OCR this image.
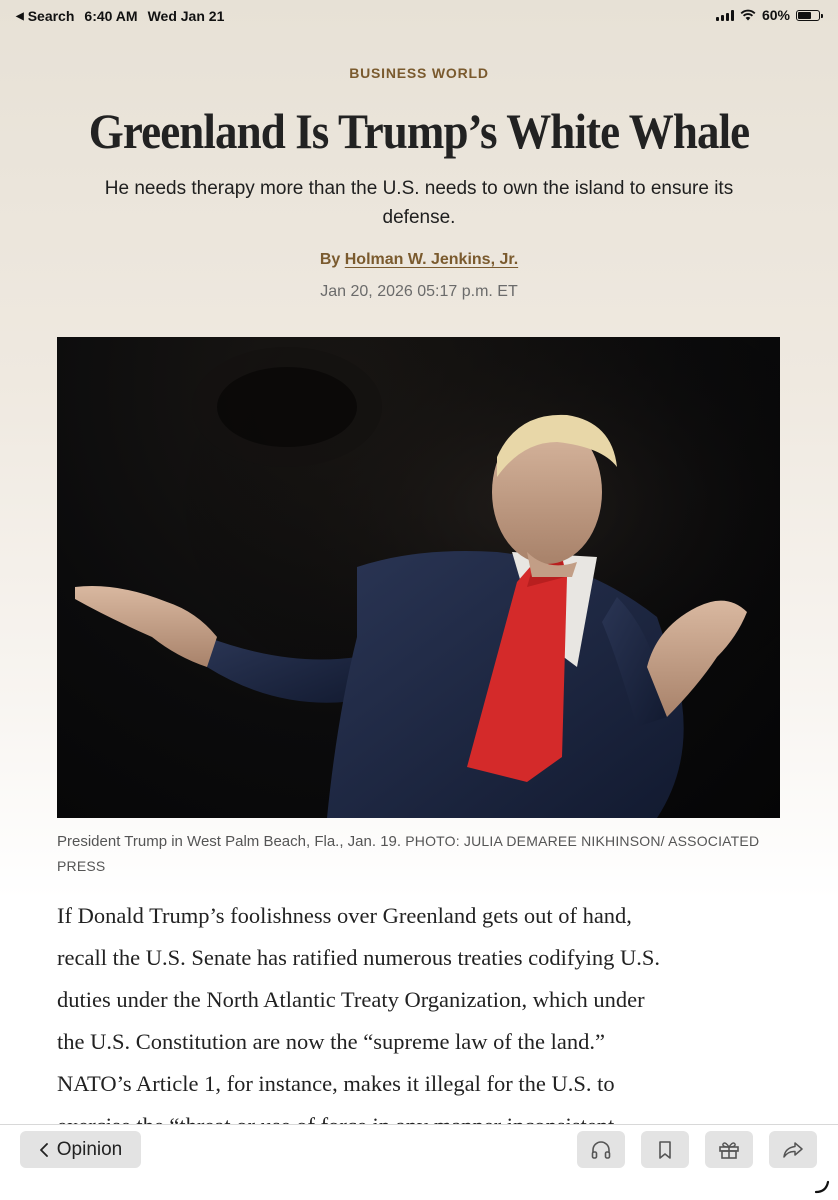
◀ Search 6:40 AM Wed Jan 21	60%
BUSINESS WORLD
Greenland Is Trump’s White Whale
He needs therapy more than the U.S. needs to own the island to ensure its defense.
By Holman W. Jenkins, Jr.
Jan 20, 2026 05:17 p.m. ET
President Trump in West Palm Beach, Fla., Jan. 19. PHOTO: JULIA DEMAREE NIKHINSON/ ASSOCIATED PRESS

If Donald Trump’s foolishness over Greenland gets out of hand,

recall the U.S. Senate has ratified numerous treaties codifying U.S.

duties under the North Atlantic Treaty Organization, which under

the U.S. Constitution are now the “supreme law of the land.”

NATO’s Article 1, for instance, makes it illegal for the U.S. to

Opinion
